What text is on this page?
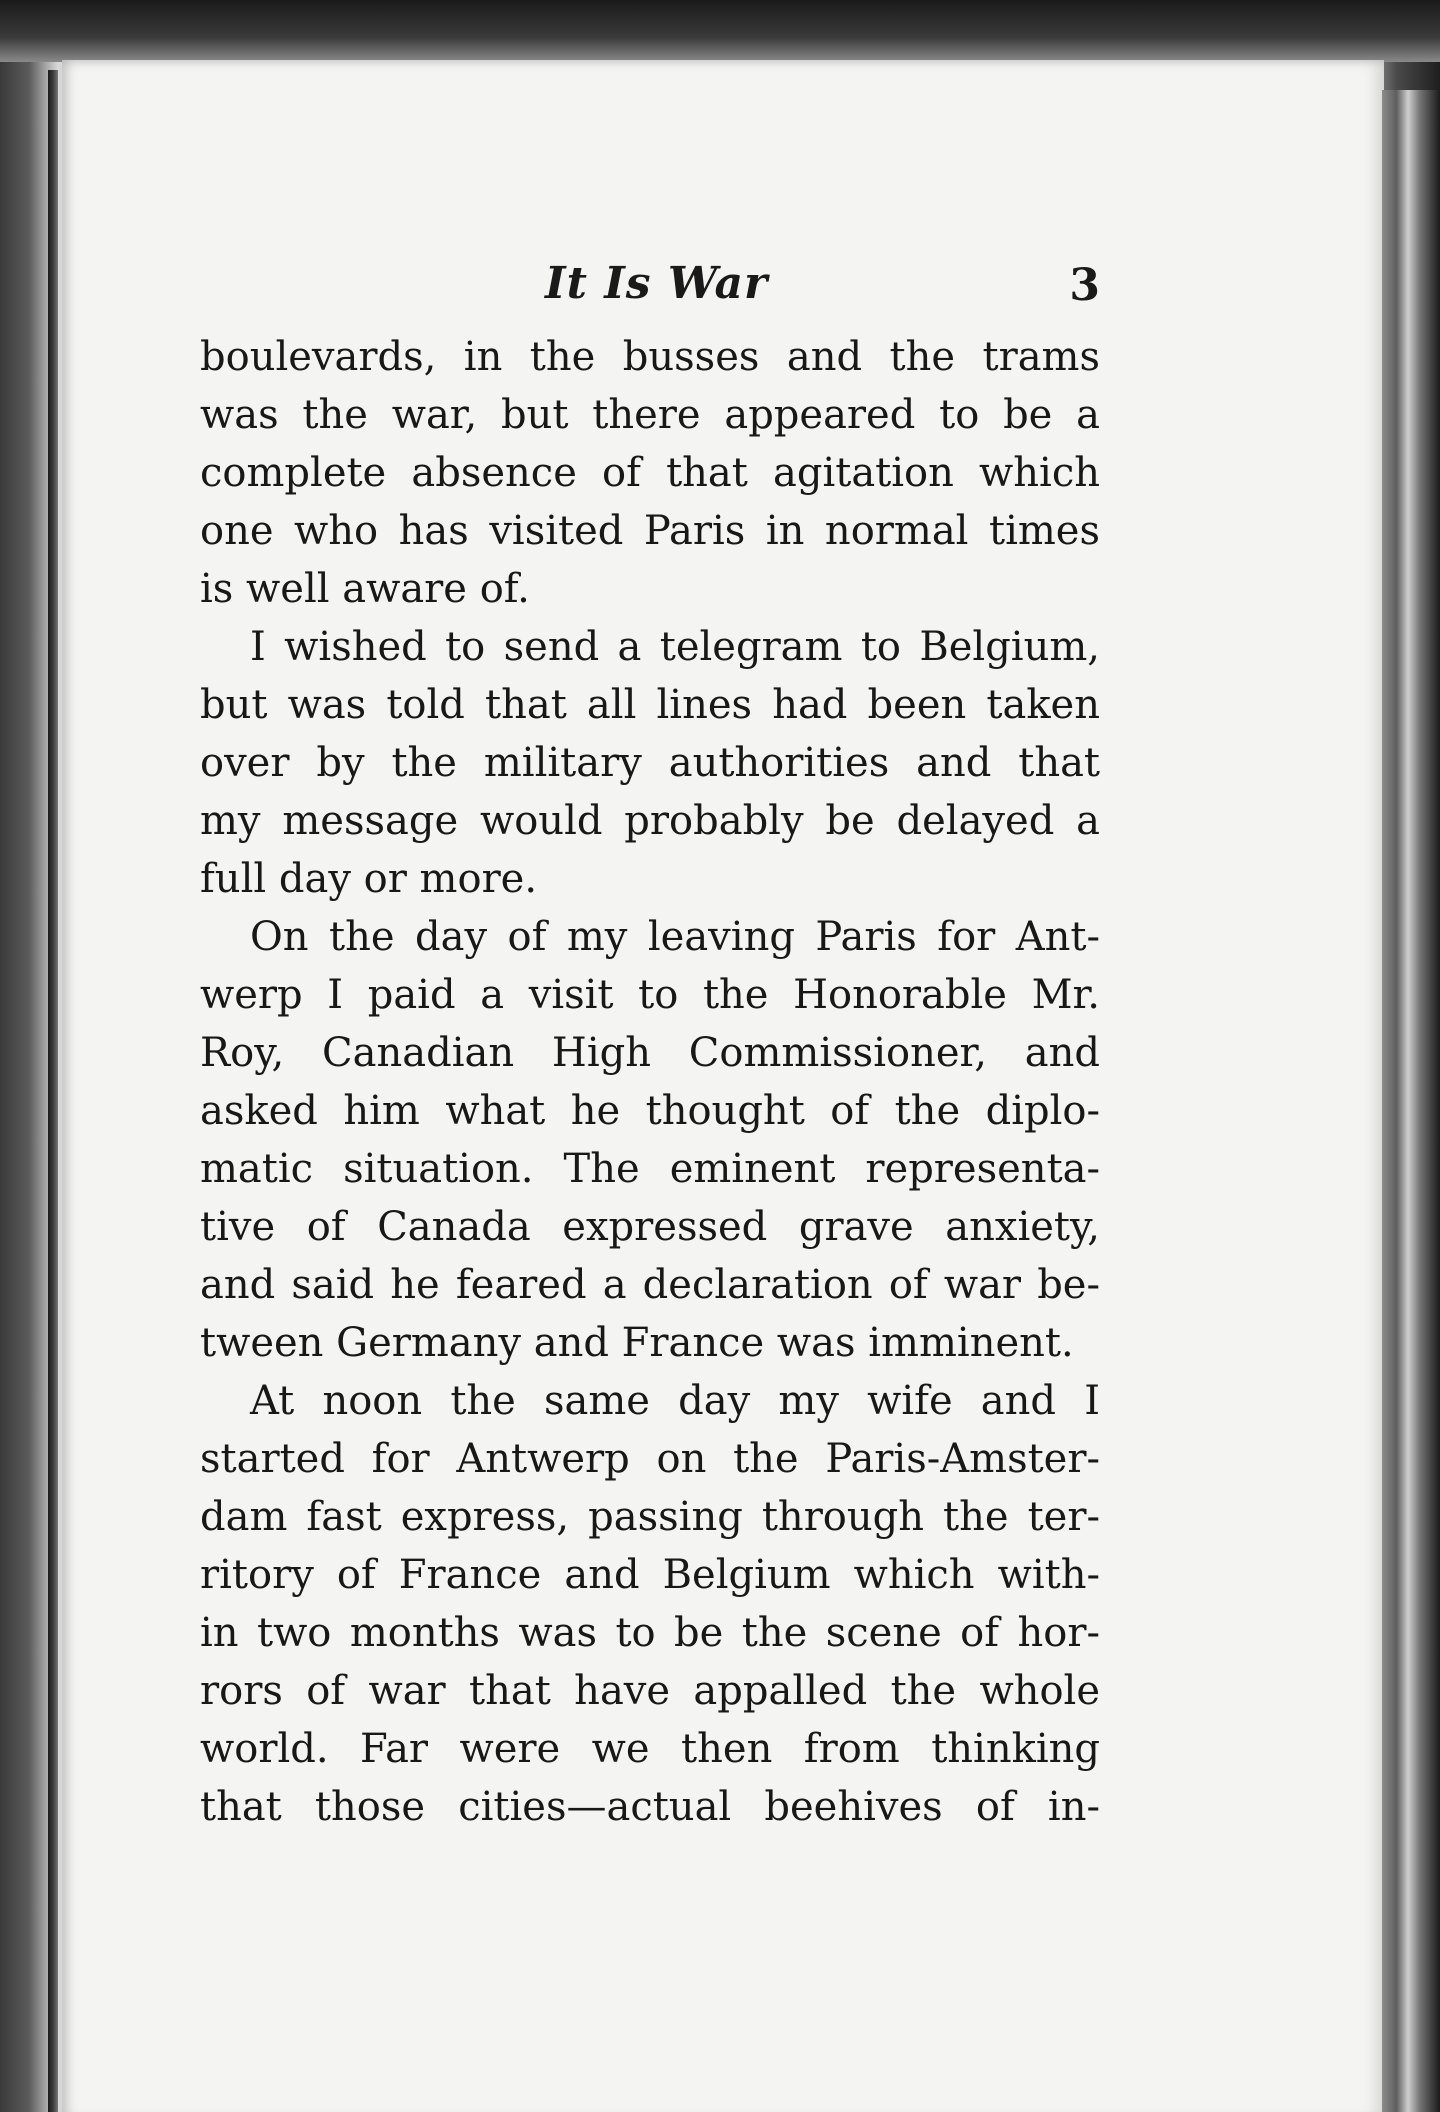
It Is War	3

boulevards, in the busses and the trams
was the war, but there appeared to be a
complete absence of that agitation which
one who has visited Paris in normal times
is well aware of.

I wished to send a telegram to Belgium,
but was told that all lines had been taken
over by the military authorities and that
my message would probably be delayed a
full day or more.

On the day of my leaving Paris for Ant-
werp I paid a visit to the Honorable Mr.
Roy, Canadian High Commissioner, and
asked him what he thought of the diplo-
matic situation. The eminent representa-
tive of Canada expressed grave anxiety,
and said he feared a declaration of war be-
tween Germany and France was imminent.

At noon the same day my wife and I
started for Antwerp on the Paris-Amster-
dam fast express, passing through the ter-
ritory of France and Belgium which with-
in two months was to be the scene of hor-
rors of war that have appalled the whole
world. Far were we then from thinking
that those cities—actual beehives of in-
